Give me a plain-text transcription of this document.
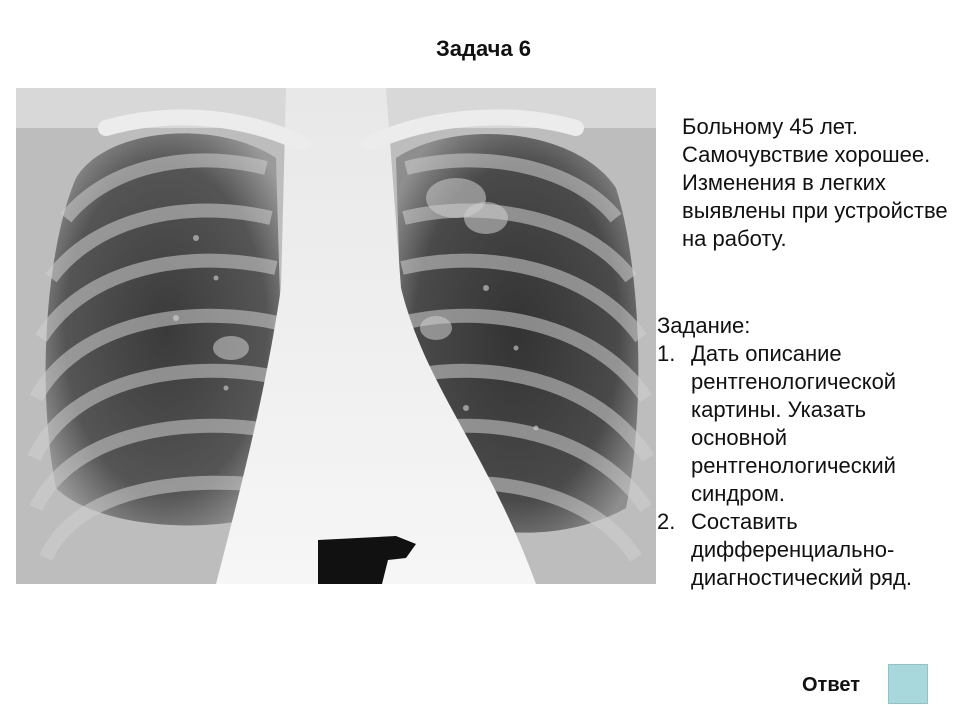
Задача 6
Больному 45 лет. Самочувствие хорошее. Изменения в легких выявлены при устройстве на работу.
Задание:
1. Дать описание рентгенологической картины. Указать основной рентгенологический синдром.
2. Составить дифференциально-диагностический ряд.
Ответ
